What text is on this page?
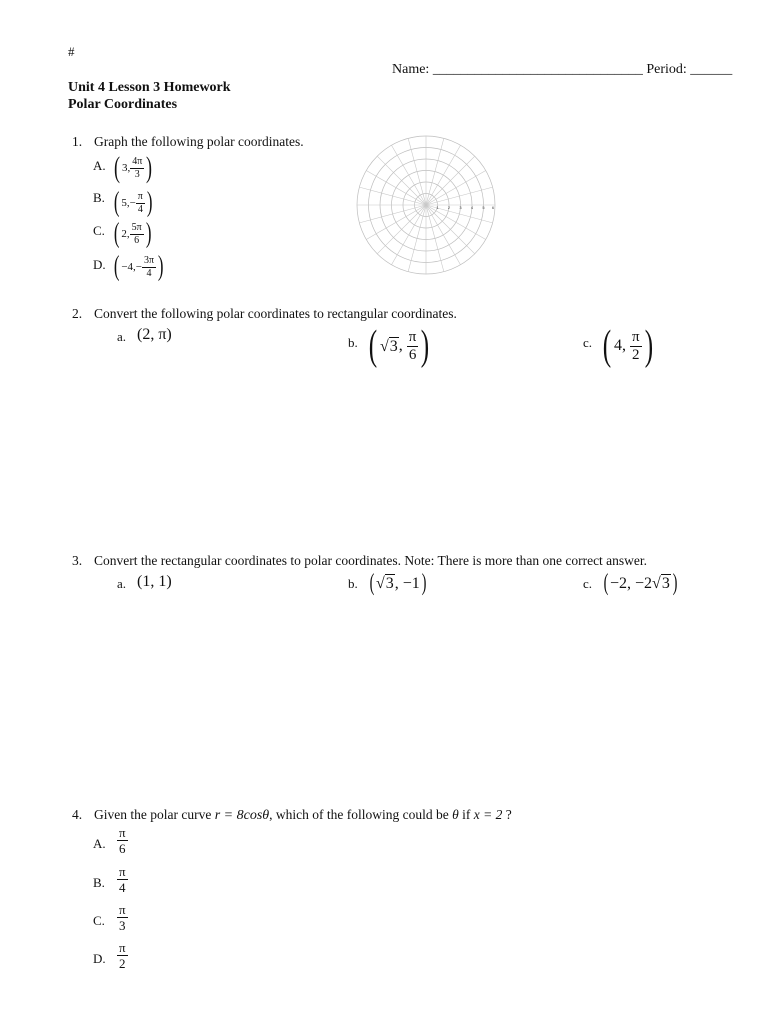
#
Name: ______________________________ Period: ______
Unit 4 Lesson 3 Homework
Polar Coordinates
1. Graph the following polar coordinates.
A. ( 3, $\frac{4\pi}{3}$ )
B. ( 5, − $\frac{\pi}{4}$ )
C. ( 2, $\frac{5\pi}{6}$ )
D. ( −4, − $\frac{3\pi}{4}$ )
1 2 3 4 5 6
2. Convert the following polar coordinates to rectangular coordinates.
a. (2, π)	b. ( √ 3 , $\frac{\pi}{6}$ )	c. ( 4,
$\frac{\pi}{2}$ )
3. Convert the rectangular coordinates to polar coordinates. Note: There is more than one correct answer.
a. (1, 1)	b. ( √ 3 , −1 )	c. ( −2, −2 √ 3 )
4. Given the polar curve r = 8cosθ, which of the following could be θ if x = 2 ?
A. $\frac{\pi}{6}$
B. $\frac{\pi}{4}$
C. $\frac{\pi}{3}$
D. $\frac{\pi}{2}$
